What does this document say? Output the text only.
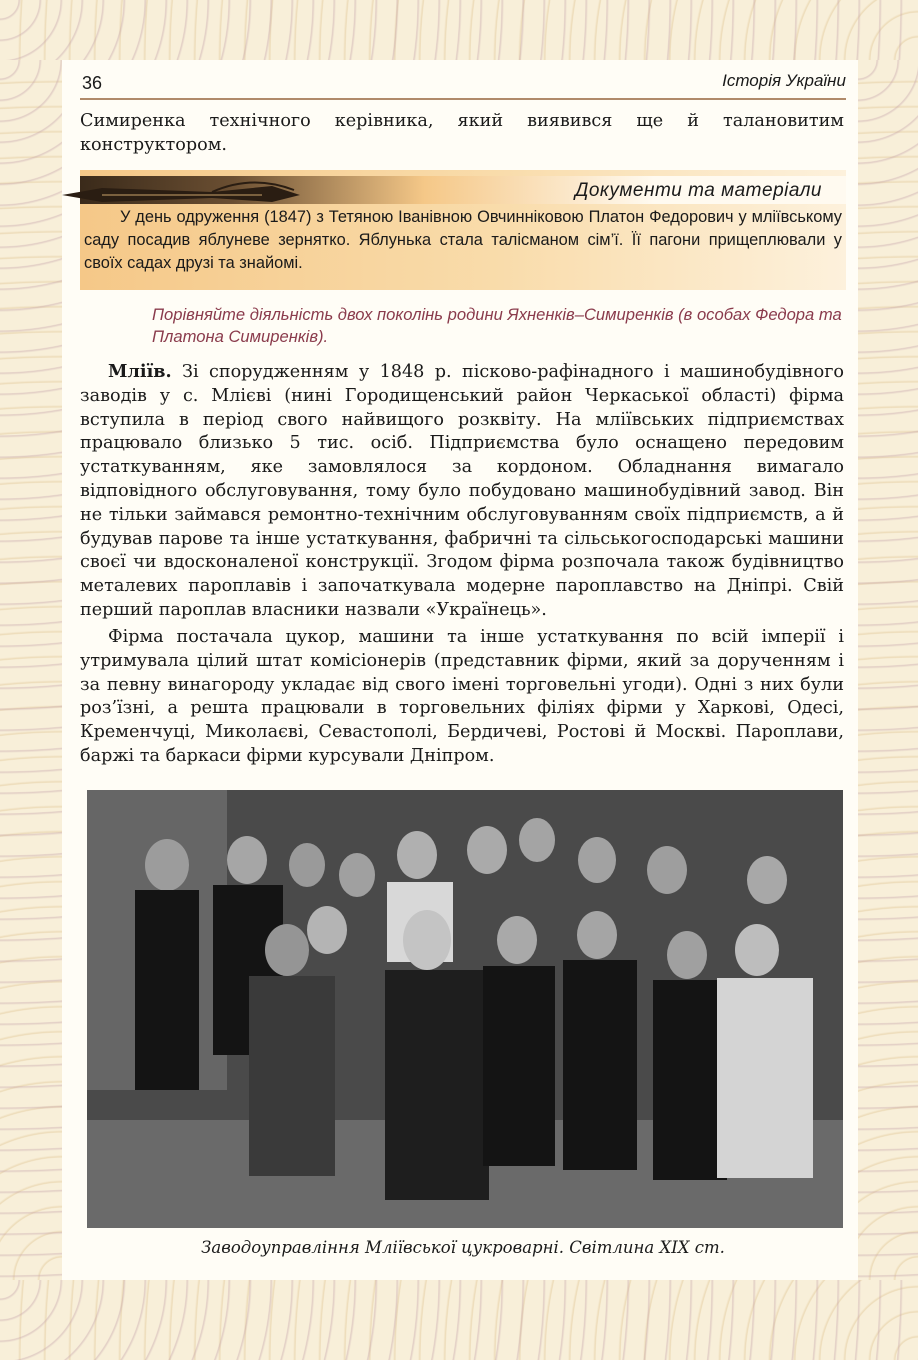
36	Історія України
Симиренка технічного керівника, який виявився ще й талановитим конструктором.
Документи та матеріали
У день одруження (1847) з Тетяною Іванівною Овчинніковою Платон Федорович у мліївському саду посадив яблуневе зернятко. Яблунька стала талісманом сім’ї. Її пагони прищеплювали у своїх садах друзі та знайомі.
Порівняйте діяльність двох поколінь родини Яхненків–Симиренків (в особах Федора та Платона Симиренків).
Мліїв. Зі спорудженням у 1848 р. пісково-рафінадного і машинобудівного заводів у с. Млієві (нині Городищенський район Черкаської області) фірма вступила в період свого найвищого розквіту. На мліївських підприємствах працювало близько 5 тис. осіб. Підприємства було оснащено передовим устаткуванням, яке замовлялося за кордоном. Обладнання вимагало відповідного обслуговування, тому було побудовано машинобудівний завод. Він не тільки займався ремонтно-технічним обслуговуванням своїх підприємств, а й будував парове та інше устаткування, фабричні та сільськогосподарські машини своєї чи вдосконаленої конструкції. Згодом фірма розпочала також будівництво металевих пароплавів і започаткувала модерне пароплавство на Дніпрі. Свій перший пароплав власники назвали «Українець».
Фірма постачала цукор, машини та інше устаткування по всій імперії і утримувала цілий штат комісіонерів (представник фірми, який за дорученням і за певну винагороду укладає від свого імені торговельні угоди). Одні з них були роз’їзні, а решта працювали в торговельних філіях фірми у Харкові, Одесі, Кременчуці, Миколаєві, Севастополі, Бердичеві, Ростові й Москві. Пароплави, баржі та баркаси фірми курсували Дніпром.
Заводоуправління Мліївської цукроварні. Світлина XIX ст.
